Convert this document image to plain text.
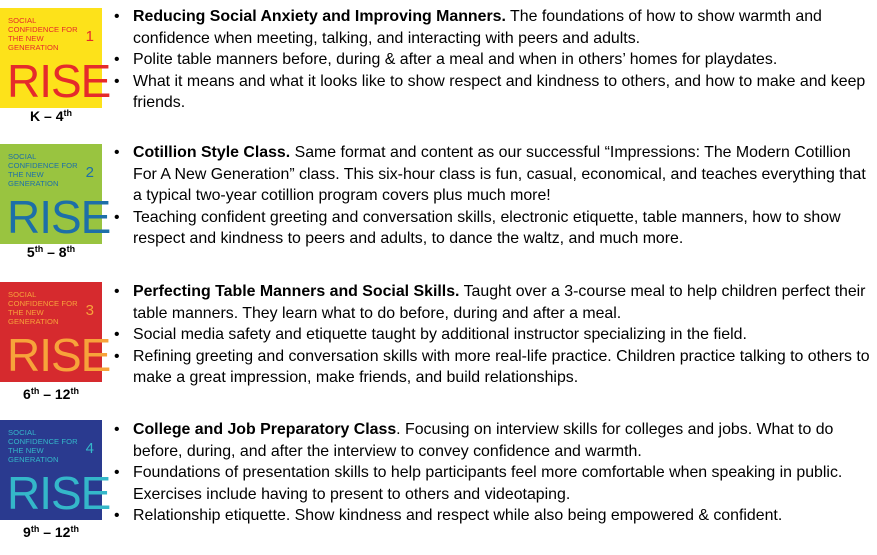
SOCIAL CONFIDENCE FOR THE NEW GENERATION
1
RISE
K – 4th
• Reducing Social Anxiety and Improving Manners. The foundations of how to show warmth and confidence when meeting, talking, and interacting with peers and adults.
• Polite table manners before, during & after a meal and when in others’ homes for playdates.
• What it means and what it looks like to show respect and kindness to others, and how to make and keep friends.
SOCIAL CONFIDENCE FOR THE NEW GENERATION
2
RISE
5th – 8th
• Cotillion Style Class. Same format and content as our successful “Impressions: The Modern Cotillion For A New Generation” class. This six-hour class is fun, casual, economical, and teaches everything that a typical two-year cotillion program covers plus much more!
• Teaching confident greeting and conversation skills, electronic etiquette, table manners, how to show respect and kindness to peers and adults, to dance the waltz, and much more.
SOCIAL CONFIDENCE FOR THE NEW GENERATION
3
RISE
6th – 12th
• Perfecting Table Manners and Social Skills. Taught over a 3-course meal to help children perfect their table manners. They learn what to do before, during and after a meal.
• Social media safety and etiquette taught by additional instructor specializing in the field.
• Refining greeting and conversation skills with more real-life practice. Children practice talking to others to make a great impression, make friends, and build relationships.
SOCIAL CONFIDENCE FOR THE NEW GENERATION
4
RISE
9th – 12th
• College and Job Preparatory Class. Focusing on interview skills for colleges and jobs. What to do before, during, and after the interview to convey confidence and warmth.
• Foundations of presentation skills to help participants feel more comfortable when speaking in public. Exercises include having to present to others and videotaping.
• Relationship etiquette. Show kindness and respect while also being empowered & confident.
